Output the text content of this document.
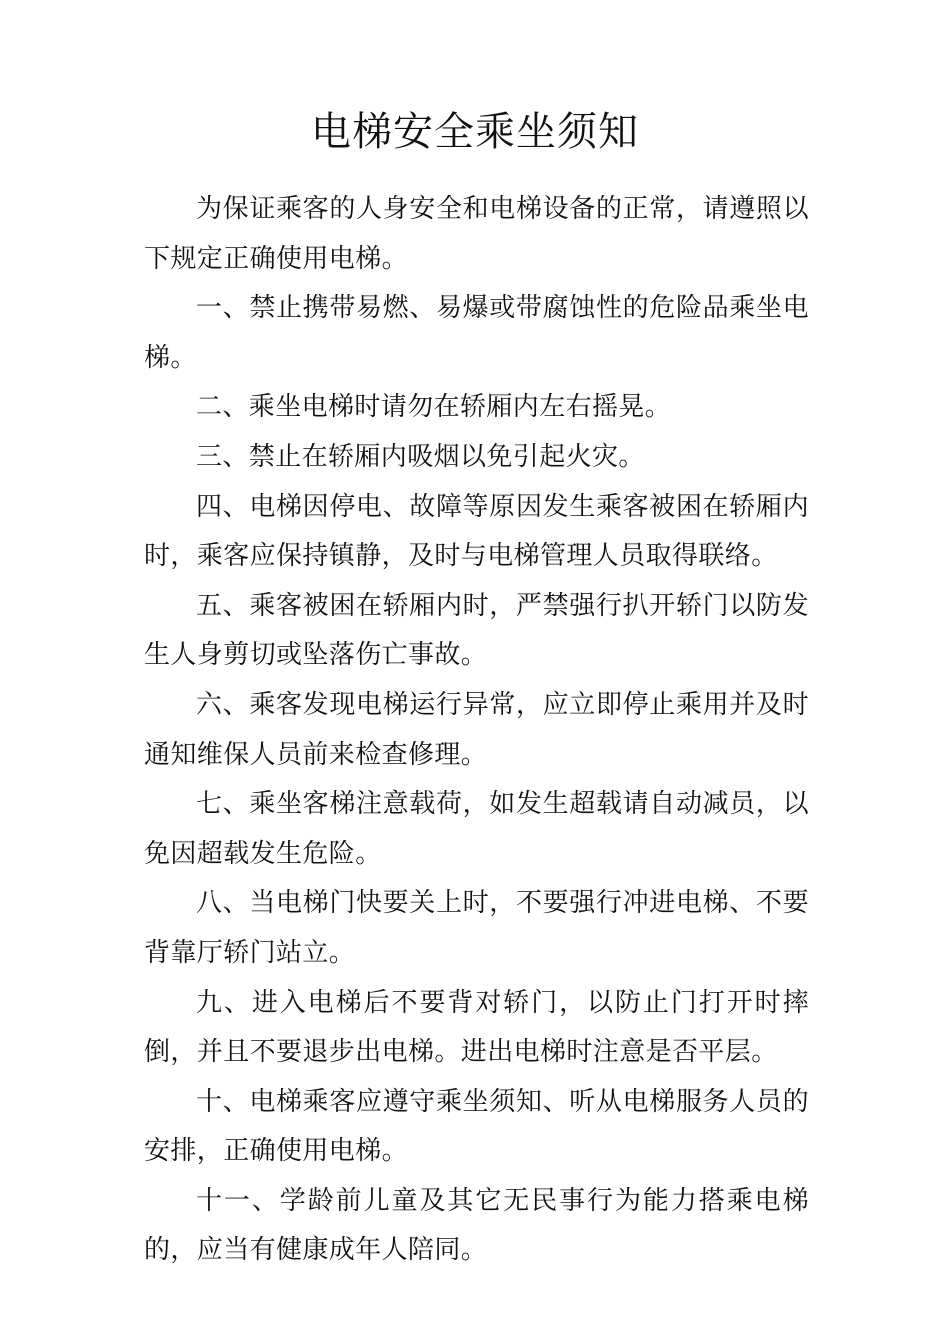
电梯安全乘坐须知

为保证乘客的人身安全和电梯设备的正常，请遵照以下规定正确使用电梯。

一、禁止携带易燃、易爆或带腐蚀性的危险品乘坐电梯。

二、乘坐电梯时请勿在轿厢内左右摇晃。

三、禁止在轿厢内吸烟以免引起火灾。

四、电梯因停电、故障等原因发生乘客被困在轿厢内时，乘客应保持镇静，及时与电梯管理人员取得联络。

五、乘客被困在轿厢内时，严禁强行扒开轿门以防发生人身剪切或坠落伤亡事故。

六、乘客发现电梯运行异常，应立即停止乘用并及时通知维保人员前来检查修理。

七、乘坐客梯注意载荷，如发生超载请自动减员，以免因超载发生危险。

八、当电梯门快要关上时，不要强行冲进电梯、不要背靠厅轿门站立。

九、进入电梯后不要背对轿门，以防止门打开时摔倒，并且不要退步出电梯。进出电梯时注意是否平层。

十、电梯乘客应遵守乘坐须知、听从电梯服务人员的安排，正确使用电梯。

十一、学龄前儿童及其它无民事行为能力搭乘电梯的，应当有健康成年人陪同。
